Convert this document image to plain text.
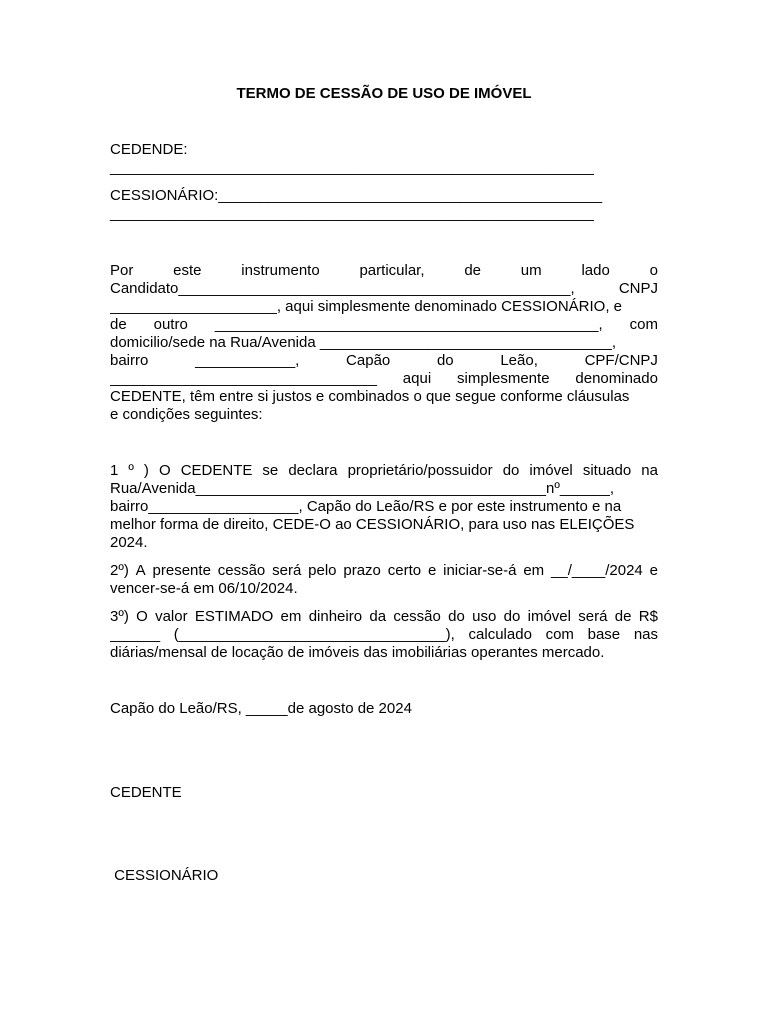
TERMO DE CESSÃO DE USO DE IMÓVEL
CEDENDE:
__________________________________________________________
CESSIONÁRIO:______________________________________________
__________________________________________________________
Por	este	instrumento	particular,	de	um	lado	o
Candidato_______________________________________________,	CNPJ
____________________, aqui simplesmente denominado CESSIONÁRIO, e
de outro ______________________________________________, com
domicilio/sede na Rua/Avenida ___________________________________,
bairro	____________,	Capão	do	Leão,	CPF/CNPJ
________________________________ aqui simplesmente denominado
CEDENTE, têm entre si justos e combinados o que segue conforme cláusulas
e condições seguintes:
1 º ) O CEDENTE se declara proprietário/possuidor do imóvel situado na
Rua/Avenida__________________________________________nº______,
bairro__________________, Capão do Leão/RS e por este instrumento e na
melhor forma de direito, CEDE-O ao CESSIONÁRIO, para uso nas ELEIÇÕES
2024.
2º) A presente cessão será pelo prazo certo e iniciar-se-á em __/____/2024 e
vencer-se-á em 06/10/2024.
3º) O valor ESTIMADO em dinheiro da cessão do uso do imóvel será de R$
______ (________________________________), calculado com base nas
diárias/mensal de locação de imóveis das imobiliárias operantes mercado.
Capão do Leão/RS, _____de agosto de 2024
CEDENTE
CESSIONÁRIO
